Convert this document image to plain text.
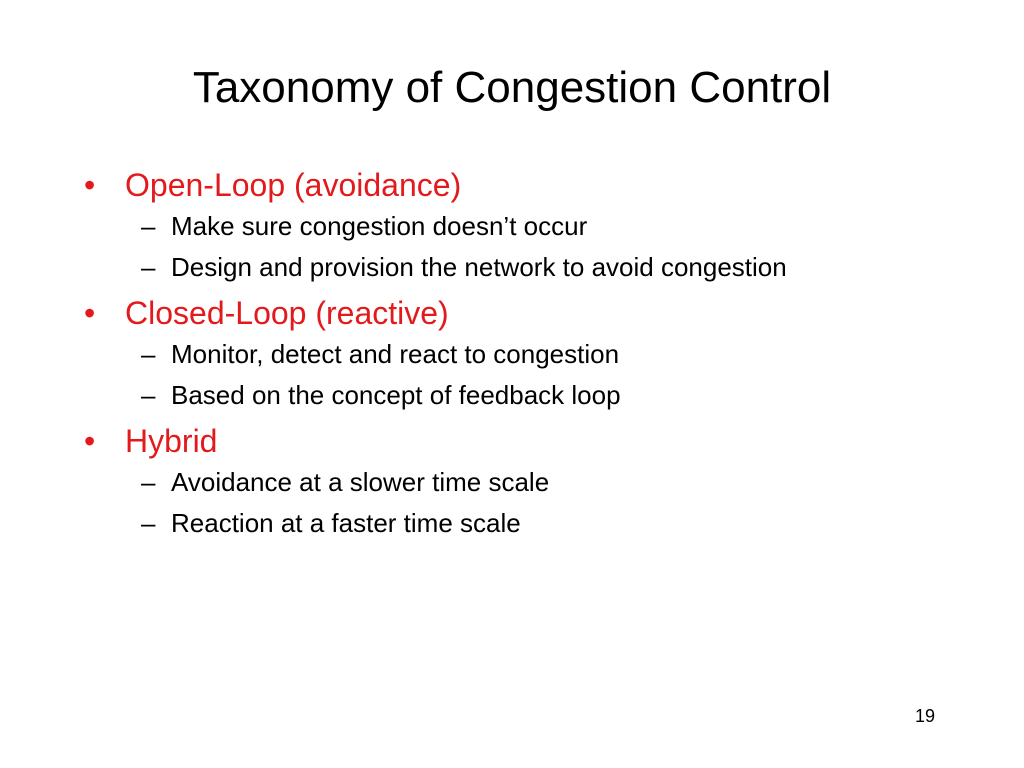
Taxonomy of Congestion Control
• Open-Loop (avoidance)
– Make sure congestion doesn’t occur
– Design and provision the network to avoid congestion
• Closed-Loop (reactive)
– Monitor, detect and react to congestion
– Based on the concept of feedback loop
• Hybrid
– Avoidance at a slower time scale
– Reaction at a faster time scale
19
